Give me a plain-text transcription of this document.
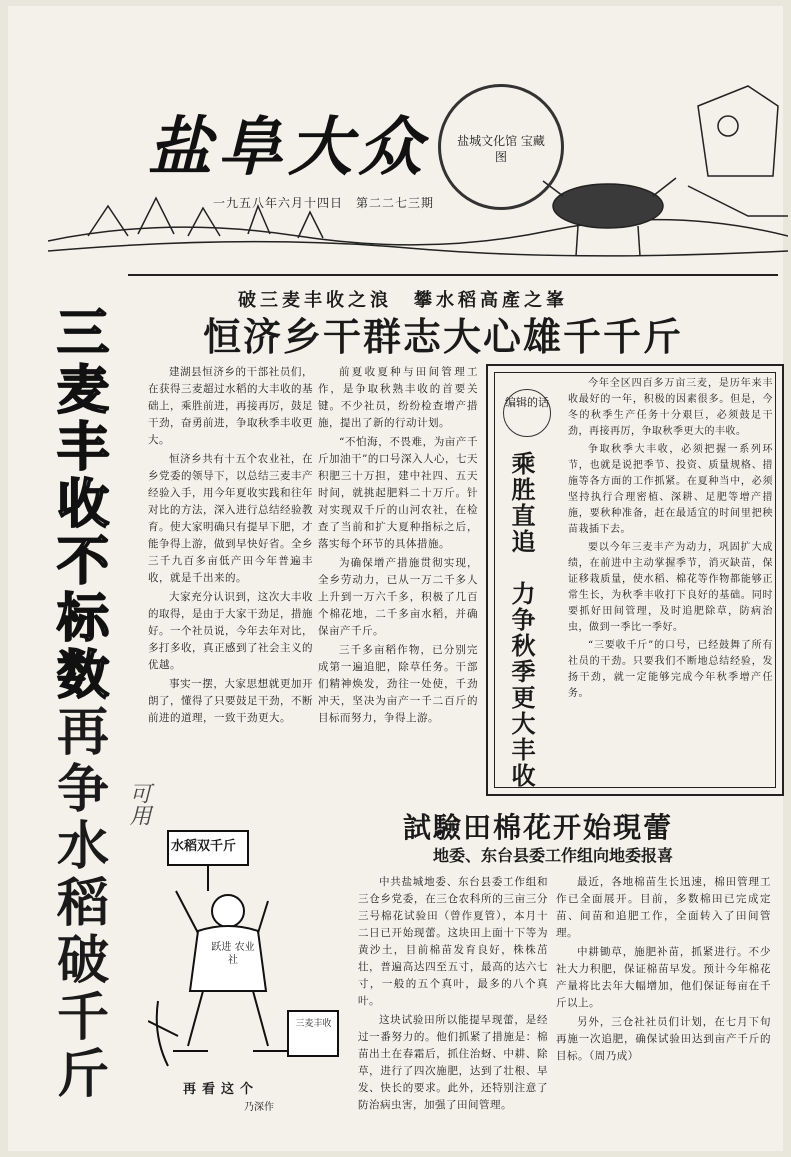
盐阜大众
一九五八年六月十四日　第二二七三期
盐城文化馆 宝藏图
破三麦丰收之浪　攀水稻高產之峯
恒济乡干群志大心雄千千斤
三
麦
丰
收
不
标
数
再
争
水
稻
破
千
斤

建湖县恒济乡的干部社员们，在获得三麦超过水稻的大丰收的基础上，乘胜前进，再接再厉，鼓足干劲，奋勇前进，争取秋季丰收更大。

恒济乡共有十五个农业社，在乡党委的领导下，以总结三麦丰产经验入手，用今年夏收实践和往年对比的方法，深入进行总结经验教育。使大家明确只有提早下肥，才能争得上游，做到早快好省。全乡三千九百多亩低产田今年普遍丰收，就是千出来的。

大家充分认识到，这次大丰收的取得，是由于大家干劲足，措施好。一个社员说，今年去年对比，多打多收，真正感到了社会主义的优越。

事实一摆，大家思想就更加开朗了，懂得了只要鼓足干劲，不断前进的道理，一致干劲更大。

前夏收夏种与田间管理工作，是争取秋熟丰收的首要关键。不少社员，纷纷检查增产措施，提出了新的行动计划。

“不怕海，不畏难，为亩产千斤加油干”的口号深入人心，七天积肥三十万担，建中社四、五天时间，就挑起肥料二十万斤。针对实现双千斤的山河农社，在检查了当前和扩大夏种指标之后，落实每个环节的具体措施。

为确保增产措施贯彻实现，全乡劳动力，已从一万二千多人上升到一万六千多，积极了几百个棉花地，二千多亩水稻，并确保亩产千斤。

三千多亩稻作物，已分别完成第一遍追肥，除草任务。干部们精神焕发，劲往一处使，千劲冲天，坚决为亩产一千二百斤的目标而努力，争得上游。

编辑的话
乘胜直追　力争秋季更大丰收

今年全区四百多万亩三麦，是历年来丰收最好的一年，积极的因素很多。但是，今冬的秋季生产任务十分艰巨，必须鼓足干劲，再接再厉，争取秋季更大的丰收。

争取秋季大丰收，必须把握一系列环节，也就是说把季节、投资、质量规格、措施等各方面的工作抓紧。在夏种当中，必须坚持执行合理密植、深耕、足肥等增产措施，要秋种准备，赶在最适宜的时间里把秧苗栽插下去。

要以今年三麦丰产为动力，巩固扩大成绩，在前进中主动掌握季节，消灭缺苗，保证移栽质量，使水稻、棉花等作物都能够正常生长，为秋季丰收打下良好的基础。同时要抓好田间管理，及时追肥除草，防病治虫，做到一季比一季好。

“三要收千斤”的口号，已经鼓舞了所有社员的干劲。只要我们不断地总结经验，发扬干劲，就一定能够完成今年秋季增产任务。

水稻双千斤
跃进 农业社
三麦丰收
再看这个
乃深作
可用
試驗田棉花开始現蕾
地委、东台县委工作组向地委报喜

中共盐城地委、东台县委工作组和三仓乡党委，在三仓农科所的三亩三分三号棉花试验田（曾作夏管），本月十二日已开始现蕾。这块田上面十下等为黄沙土，目前棉苗发育良好，株株茁壮，普遍高达四至五寸，最高的达六七寸，一般的五个真叶，最多的八个真叶。

这块试验田所以能提早现蕾，是经过一番努力的。他们抓紧了措施是：棉苗出土在春霜后，抓住治蚜、中耕、除草，进行了四次施肥，达到了壮根、早发、快长的要求。此外，还特别注意了防治病虫害，加强了田间管理。

最近，各地棉苗生长迅速，棉田管理工作已全面展开。目前，多数棉田已完成定苗、间苗和追肥工作，全面转入了田间管理。

中耕锄草，施肥补苗，抓紧进行。不少社大力积肥，保证棉苗早发。预计今年棉花产量将比去年大幅增加，他们保证每亩在千斤以上。

另外，三仓社社员们计划，在七月下旬再施一次追肥，确保试验田达到亩产千斤的目标。（周乃成）
